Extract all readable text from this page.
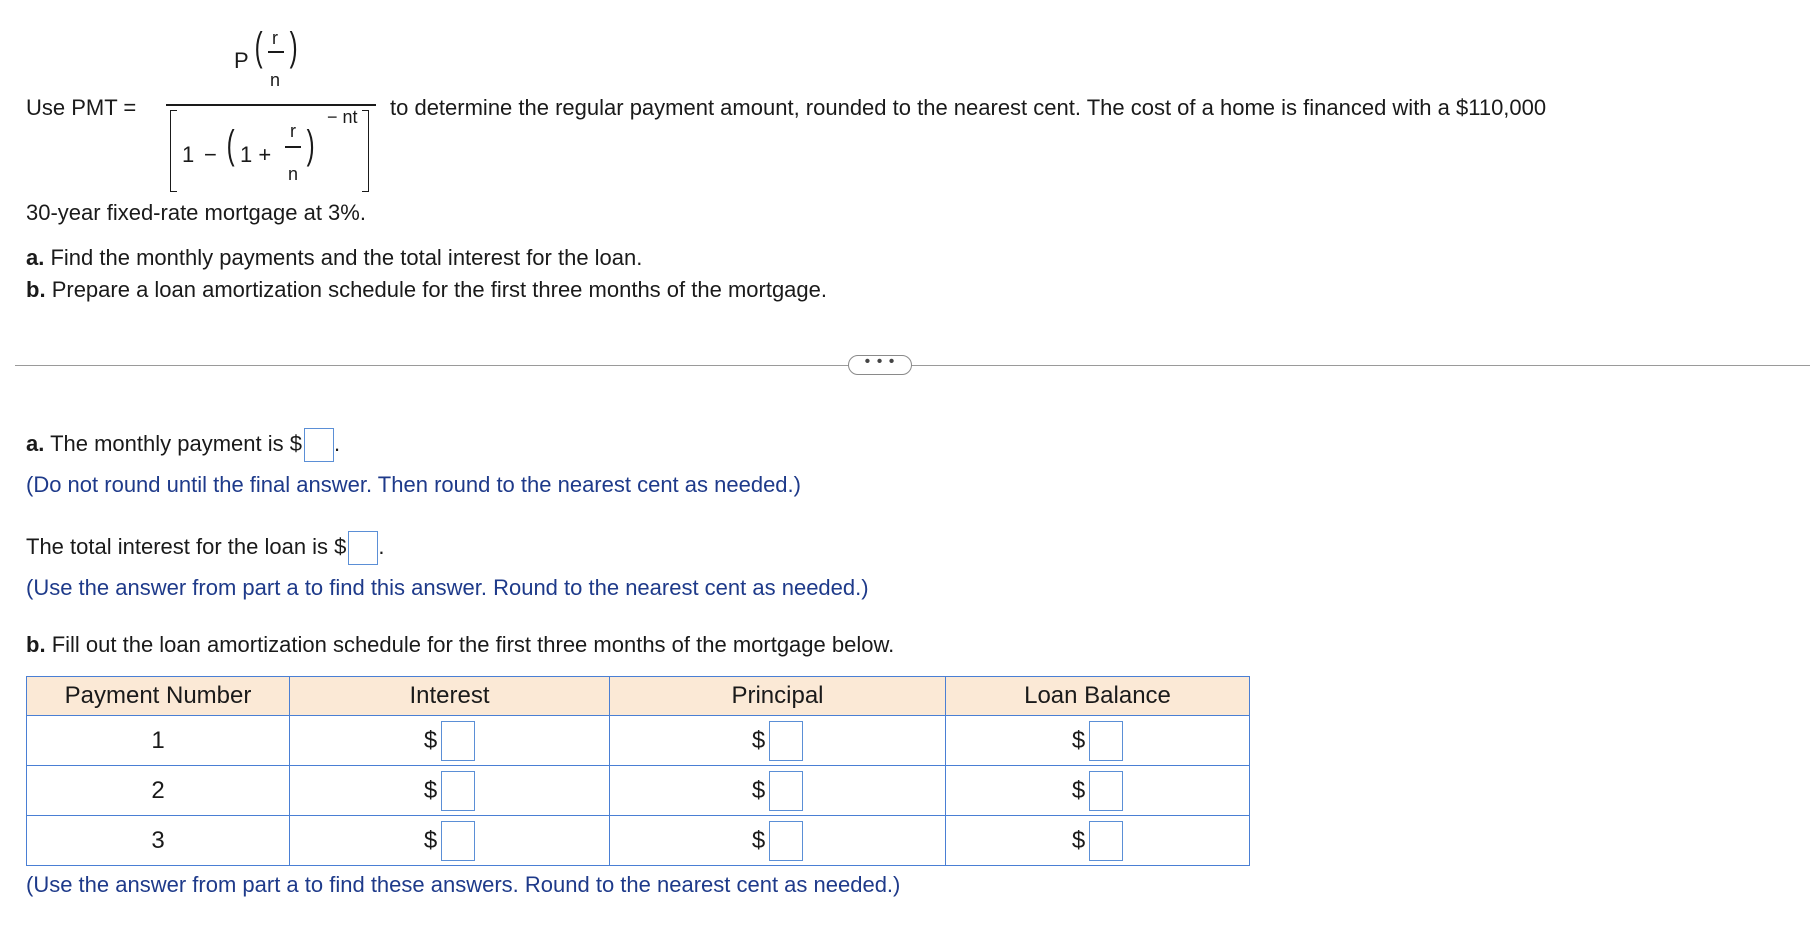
Use PMT =
P ( r
n
)
1 − ( 1 +
r
n
)
− nt to determine the regular payment amount, rounded to the nearest cent. The cost of a home is financed with a $110,000
30-year fixed-rate mortgage at 3%.
a. Find the monthly payments and the total interest for the loan.
b. Prepare a loan amortization schedule for the first three months of the mortgage.
• • •
a. The monthly payment is $ .
(Do not round until the final answer. Then round to the nearest cent as needed.)
The total interest for the loan is $ .
(Use the answer from part a to find this answer. Round to the nearest cent as needed.)
b. Fill out the loan amortization schedule for the first three months of the mortgage below.
Payment Number	Interest	Principal	Loan Balance
1	$	$	$

2	$	$	$

3	$	$	$
(Use the answer from part a to find these answers. Round to the nearest cent as needed.)
